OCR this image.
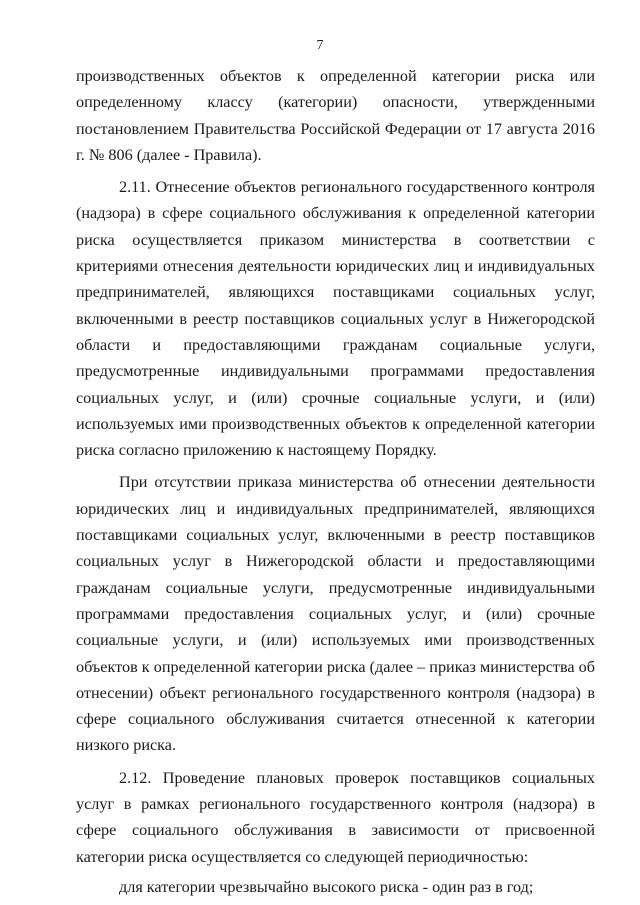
7

производственных объектов к определенной категории риска или определенному классу (категории) опасности, утвержденными постановлением Правительства Российской Федерации от 17 августа 2016 г. № 806 (далее - Правила).

2.11. Отнесение объектов регионального государственного контроля (надзора) в сфере социального обслуживания к определенной категории риска осуществляется приказом министерства в соответствии с критериями отнесения деятельности юридических лиц и индивидуальных предпринимателей, являющихся поставщиками социальных услуг, включенными в реестр поставщиков социальных услуг в Нижегородской области и предоставляющими гражданам социальные услуги, предусмотренные индивидуальными программами предоставления социальных услуг, и (или) срочные социальные услуги, и (или) используемых ими производственных объектов к определенной категории риска согласно приложению к настоящему Порядку.

При отсутствии приказа министерства об отнесении деятельности юридических лиц и индивидуальных предпринимателей, являющихся поставщиками социальных услуг, включенными в реестр поставщиков социальных услуг в Нижегородской области и предоставляющими гражданам социальные услуги, предусмотренные индивидуальными программами предоставления социальных услуг, и (или) срочные социальные услуги, и (или) используемых ими производственных объектов к определенной категории риска (далее – приказ министерства об отнесении) объект регионального государственного контроля (надзора) в сфере социального обслуживания считается отнесенной к категории низкого риска.

2.12. Проведение плановых проверок поставщиков социальных услуг в рамках регионального государственного контроля (надзора) в сфере социального обслуживания в зависимости от присвоенной категории риска осуществляется со следующей периодичностью:

для категории чрезвычайно высокого риска - один раз в год;
